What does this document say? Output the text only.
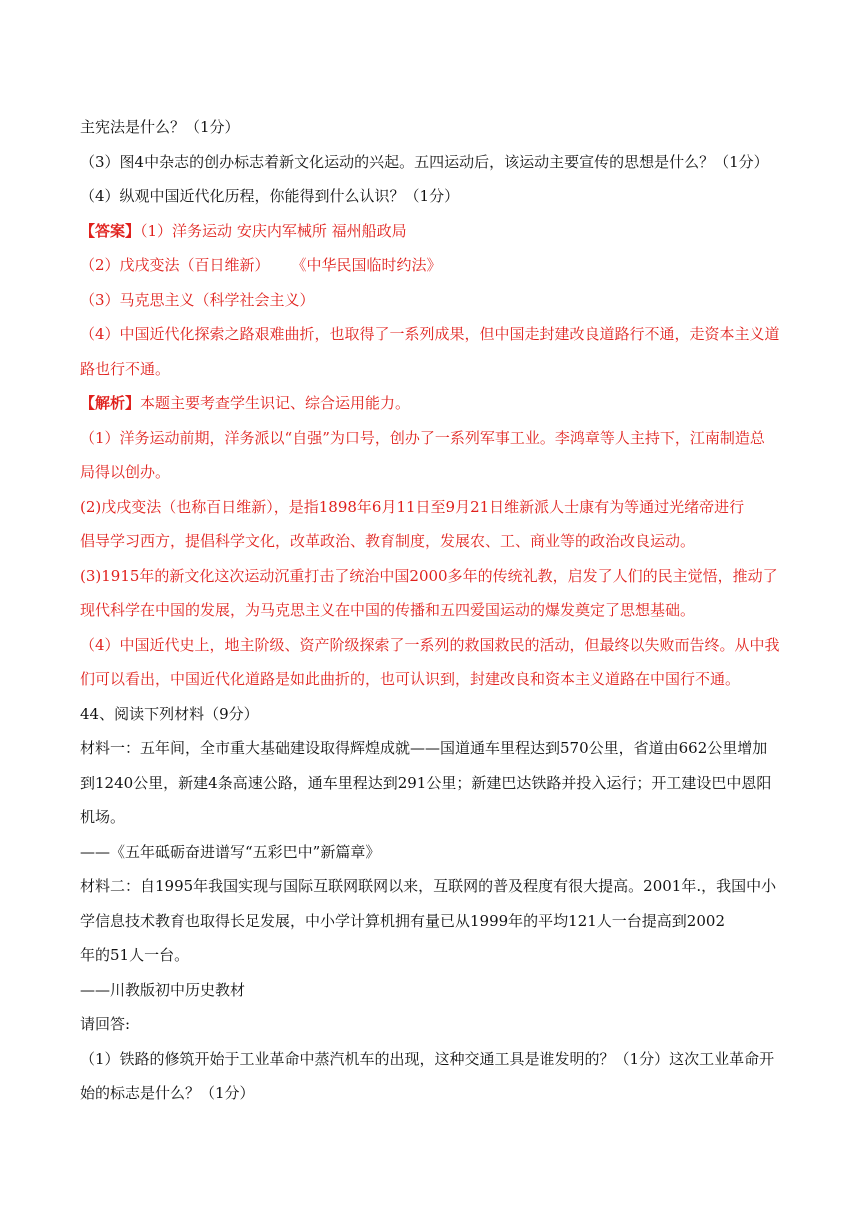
主宪法是什么？（1分）
（3）图4中杂志的创办标志着新文化运动的兴起。五四运动后，该运动主要宣传的思想是什么？（1分）
（4）纵观中国近代化历程，你能得到什么认识？（1分）
【答案】（1）洋务运动 安庆内军械所 福州船政局
（2）戊戌变法（百日维新） 《中华民国临时约法》
（3）马克思主义（科学社会主义）
（4）中国近代化探索之路艰难曲折，也取得了一系列成果，但中国走封建改良道路行不通，走资本主义道
路也行不通。
【解析】本题主要考查学生识记、综合运用能力。
（1）洋务运动前期，洋务派以“自强”为口号，创办了一系列军事工业。李鸿章等人主持下，江南制造总
局得以创办。
(2)戊戌变法（也称百日维新），是指1898年6月11日至9月21日维新派人士康有为等通过光绪帝进行
倡导学习西方，提倡科学文化，改革政治、教育制度，发展农、工、商业等的政治改良运动。
(3)1915年的新文化这次运动沉重打击了统治中国2000多年的传统礼教，启发了人们的民主觉悟，推动了
现代科学在中国的发展，为马克思主义在中国的传播和五四爱国运动的爆发奠定了思想基础。
（4）中国近代史上，地主阶级、资产阶级探索了一系列的救国救民的活动，但最终以失败而告终。从中我
们可以看出，中国近代化道路是如此曲折的，也可认识到，封建改良和资本主义道路在中国行不通。
44、阅读下列材料（9分）
材料一：五年间，全市重大基础建设取得辉煌成就——国道通车里程达到570公里，省道由662公里增加
到1240公里，新建4条高速公路，通车里程达到291公里；新建巴达铁路并投入运行；开工建设巴中恩阳
机场。
——《五年砥砺奋进谱写“五彩巴中”新篇章》
材料二：自1995年我国实现与国际互联网联网以来，互联网的普及程度有很大提高。2001年.，我国中小
学信息技术教育也取得长足发展，中小学计算机拥有量已从1999年的平均121人一台提高到2002
年的51人一台。
——川教版初中历史教材
请回答:
（1）铁路的修筑开始于工业革命中蒸汽机车的出现，这种交通工具是谁发明的？（1分）这次工业革命开
始的标志是什么？（1分）
